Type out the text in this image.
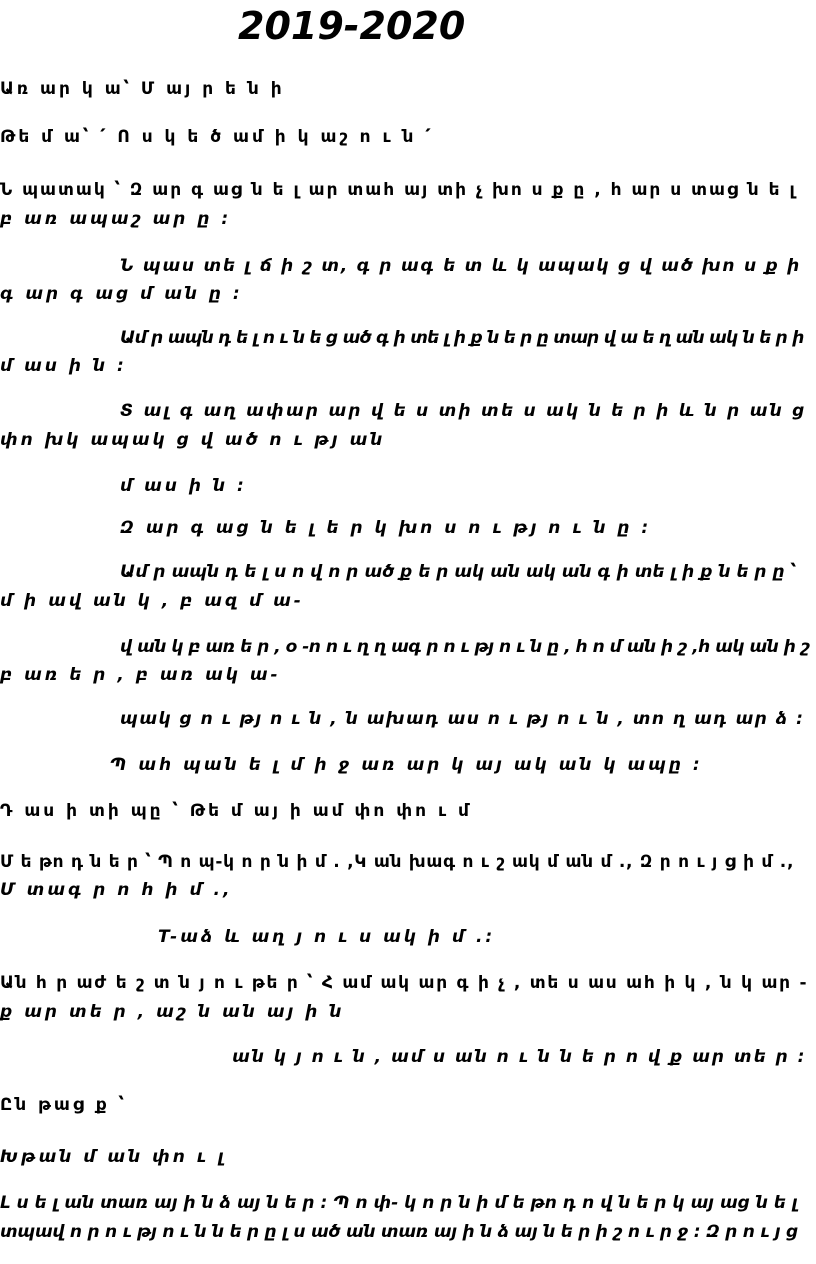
2019-2020
Առ ար կ ա՝ Մ այ ր ե ն ի
Թե մ ա՝ ՛ Ո ս կ ե ծ ամ ի կ աշ ո ւ ն ՛
Ն պատակ ՝ Զ ար գ աց ն ե լ ար տահ այ տի չ խո ս ք ը , հ ար ս տաց ն ե լ
բ առ ապաշ ար ը :
Ն պաս տե լ ճ ի շ տ, գ ր ագ ե տ և կ ապակ ց վ ած խո ս ք ի
գ ար գ աց մ ան ը :
Ամ ր ապն դ ե լ ո ւ ն ե ց ած գ ի տե լ ի ք ն ե ր ը տար վ ա ե ղ ան ակ ն ե ր ի
մ աս ի ն :
Տ ալ գ աղ ափար ար վ ե ս տի տե ս ակ ն ե ր ի և ն ր ան ց
փո խկ ապակ ց վ ած ո ւ թյ ան
մ աս ի ն :
Զ ար գ աց ն ե լ ե ր կ խո ս ո ւ թյ ո ւ ն ը :
Ամ ր ապն դ ե լ ս ո վ ո ր ած ք ե ր ակ ան ակ ան գ ի տե լ ի ք ն ե ր ը ՝
մ ի ավ ան կ , բ ազ մ ա-
վ ան կ բ առ ե ր , օ -ո ո ւ ղ ղ ագ ր ո ւ թյ ո ւ ն ը , հ ո մ ան ի շ ,հ ակ ան ի շ
բ առ ե ր , բ առ ակ ա-
պակ ց ո ւ թյ ո ւ ն , ն ախադ աս ո ւ թյ ո ւ ն , տո ղ ադ ար ձ :
Պ ահ պան ե լ մ ի ջ առ ար կ այ ակ ան կ ապը :
Դ աս ի տի պը ՝ Թե մ այ ի ամ փո փո ւ մ
Մ ե թո դ ն ե ր ՝ Պ ո պ-կ ո ր ն ի մ . ,Կ ան խագ ո ւ շ ակ մ ան մ ., Զ ր ո ւ յ ց ի մ .,
Մ տագ ր ո հ ի մ .,
T-աձ և աղ յ ո ւ ս ակ ի մ .:
Ան հ ր աժ ե շ տ ն յ ո ւ թե ր ՝ Հ ամ ակ ար գ ի չ , տե ս աս ահ ի կ , ն կ ար -
ք ար տե ր , աշ ն ան այ ի ն
ան կ յ ո ւ ն , ամ ս ան ո ւ ն ն ե ր ո վ ք ար տե ր :
Ըն թաց ք ՝
Խթան մ ան փո ւ լ
Լ ս ե լ ան տառ այ ի ն ձ այ ն ե ր : Պ ո փ- կ ո ր ն ի մ ե թո դ ո վ ն ե ր կ այ աց ն ե լ
տպավ ո ր ո ւ թյ ո ւ ն ն ե ր ը լ ս ած ան տառ այ ի ն ձ այ ն ե ր ի շ ո ւ ր ջ : Զ ր ո ւ յ ց
